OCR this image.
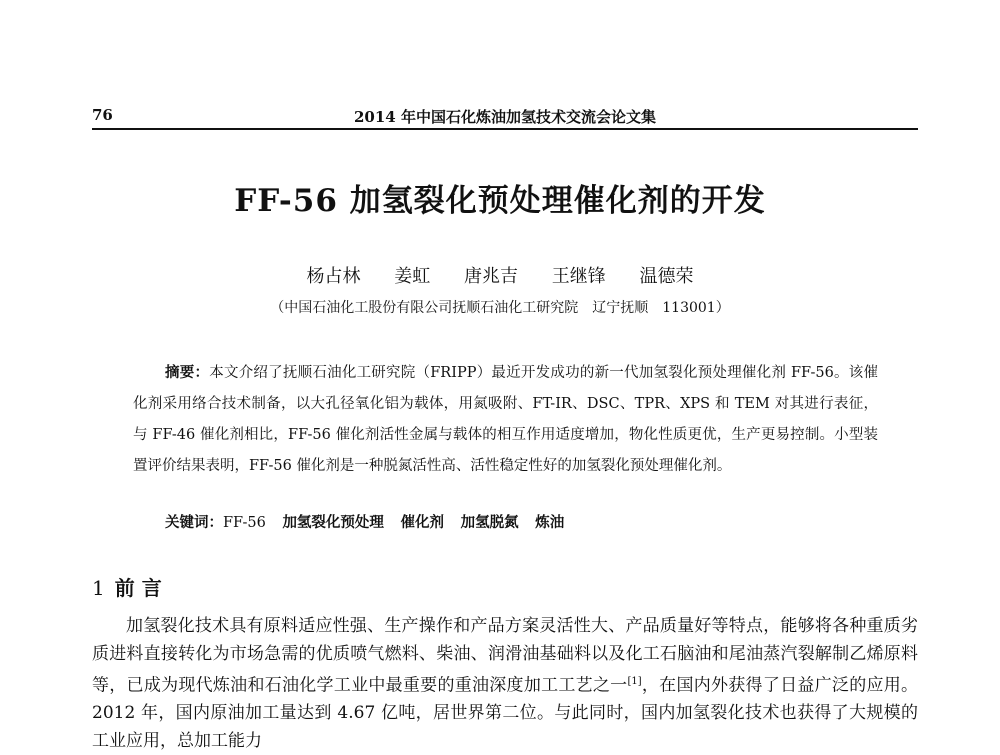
76	2014 年中国石化炼油加氢技术交流会论文集
FF-56 加氢裂化预处理催化剂的开发
杨占林 姜虹 唐兆吉 王继锋 温德荣
（中国石油化工股份有限公司抚顺石油化工研究院　辽宁抚顺　113001）
摘要：本文介绍了抚顺石油化工研究院（FRIPP）最近开发成功的新一代加氢裂化预处理催化剂 FF-56。该催化剂采用络合技术制备，以大孔径氧化铝为载体，用氮吸附、FT-IR、DSC、TPR、XPS 和 TEM 对其进行表征，与 FF-46 催化剂相比，FF-56 催化剂活性金属与载体的相互作用适度增加，物化性质更优，生产更易控制。小型装置评价结果表明，FF-56 催化剂是一种脱氮活性高、活性稳定性好的加氢裂化预处理催化剂。
关键词：FF-56 加氢裂化预处理 催化剂 加氢脱氮 炼油
1 前 言
加氢裂化技术具有原料适应性强、生产操作和产品方案灵活性大、产品质量好等特点，能够将各种重质劣质进料直接转化为市场急需的优质喷气燃料、柴油、润滑油基础料以及化工石脑油和尾油蒸汽裂解制乙烯原料等，已成为现代炼油和石油化学工业中最重要的重油深度加工工艺之一[1]，在国内外获得了日益广泛的应用。2012 年，国内原油加工量达到 4.67 亿吨，居世界第二位。与此同时，国内加氢裂化技术也获得了大规模的工业应用，总加工能力
